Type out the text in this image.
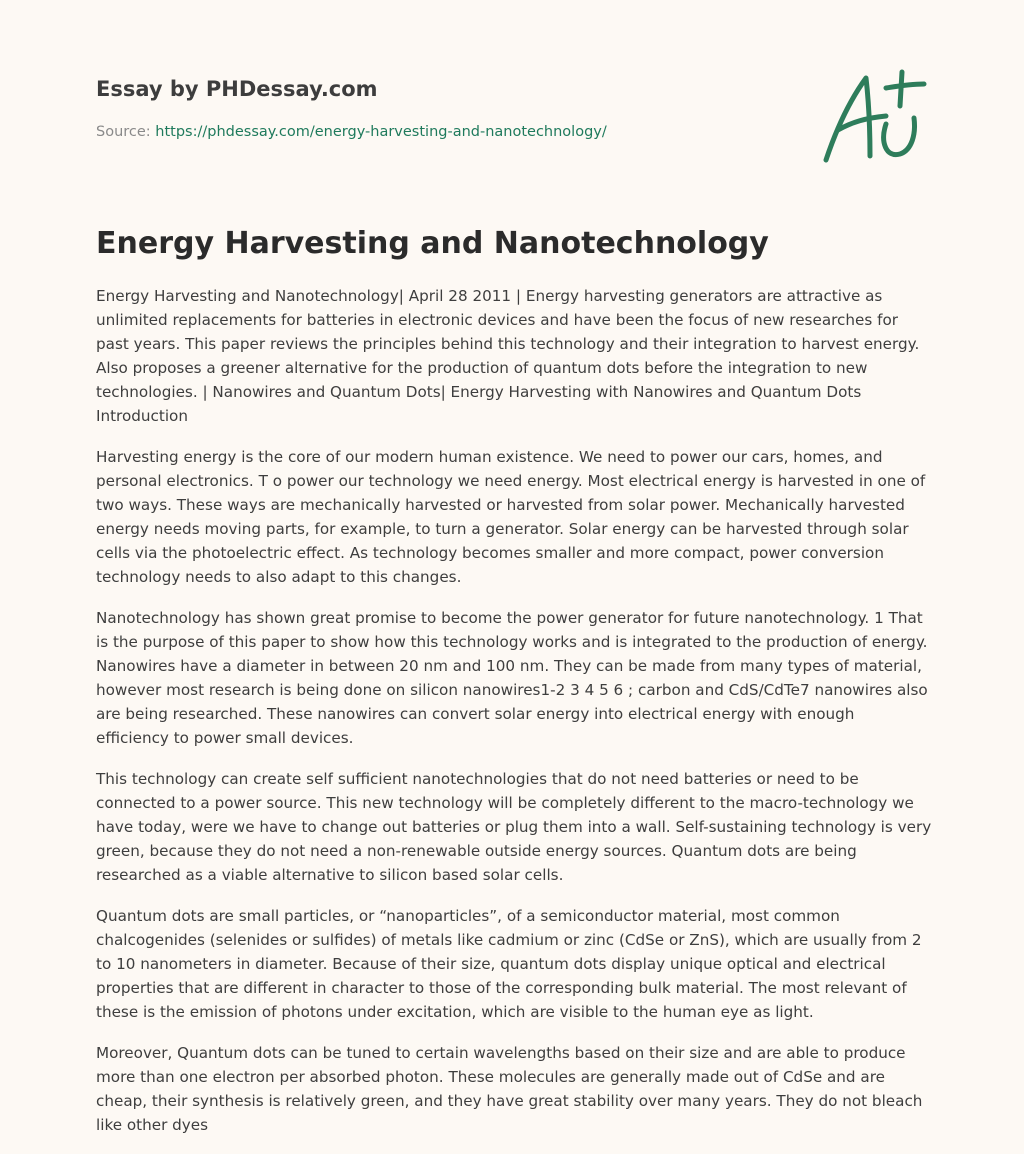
Essay by PHDessay.com
Source: https://phdessay.com/energy-harvesting-and-nanotechnology/
Energy Harvesting and Nanotechnology

Energy Harvesting and Nanotechnology| April 28 2011 | Energy harvesting generators are attractive as unlimited replacements for batteries in electronic devices and have been the focus of new researches for past years. This paper reviews the principles behind this technology and their integration to harvest energy. Also proposes a greener alternative for the production of quantum dots before the integration to new technologies. | Nanowires and Quantum Dots| Energy Harvesting with Nanowires and Quantum Dots Introduction

Harvesting energy is the core of our modern human existence. We need to power our cars, homes, and personal electronics. T o power our technology we need energy. Most electrical energy is harvested in one of two ways. These ways are mechanically harvested or harvested from solar power. Mechanically harvested energy needs moving parts, for example, to turn a generator. Solar energy can be harvested through solar cells via the photoelectric effect. As technology becomes smaller and more compact, power conversion technology needs to also adapt to this changes.

Nanotechnology has shown great promise to become the power generator for future nanotechnology. 1 That is the purpose of this paper to show how this technology works and is integrated to the production of energy. Nanowires have a diameter in between 20 nm and 100 nm. They can be made from many types of material, however most research is being done on silicon nanowires1-2 3 4 5 6 ; carbon and CdS/CdTe7 nanowires also are being researched. These nanowires can convert solar energy into electrical energy with enough efficiency to power small devices.

This technology can create self sufficient nanotechnologies that do not need batteries or need to be connected to a power source. This new technology will be completely different to the macro-technology we have today, were we have to change out batteries or plug them into a wall. Self-sustaining technology is very green, because they do not need a non-renewable outside energy sources. Quantum dots are being researched as a viable alternative to silicon based solar cells.

Quantum dots are small particles, or “nanoparticles”, of a semiconductor material, most common chalcogenides (selenides or sulfides) of metals like cadmium or zinc (CdSe or ZnS), which are usually from 2 to 10 nanometers in diameter. Because of their size, quantum dots display unique optical and electrical properties that are different in character to those of the corresponding bulk material. The most relevant of these is the emission of photons under excitation, which are visible to the human eye as light.

Moreover, Quantum dots can be tuned to certain wavelengths based on their size and are able to produce more than one electron per absorbed photon. These molecules are generally made out of CdSe and are cheap, their synthesis is relatively green, and they have great stability over many years. They do not bleach like other dyes
